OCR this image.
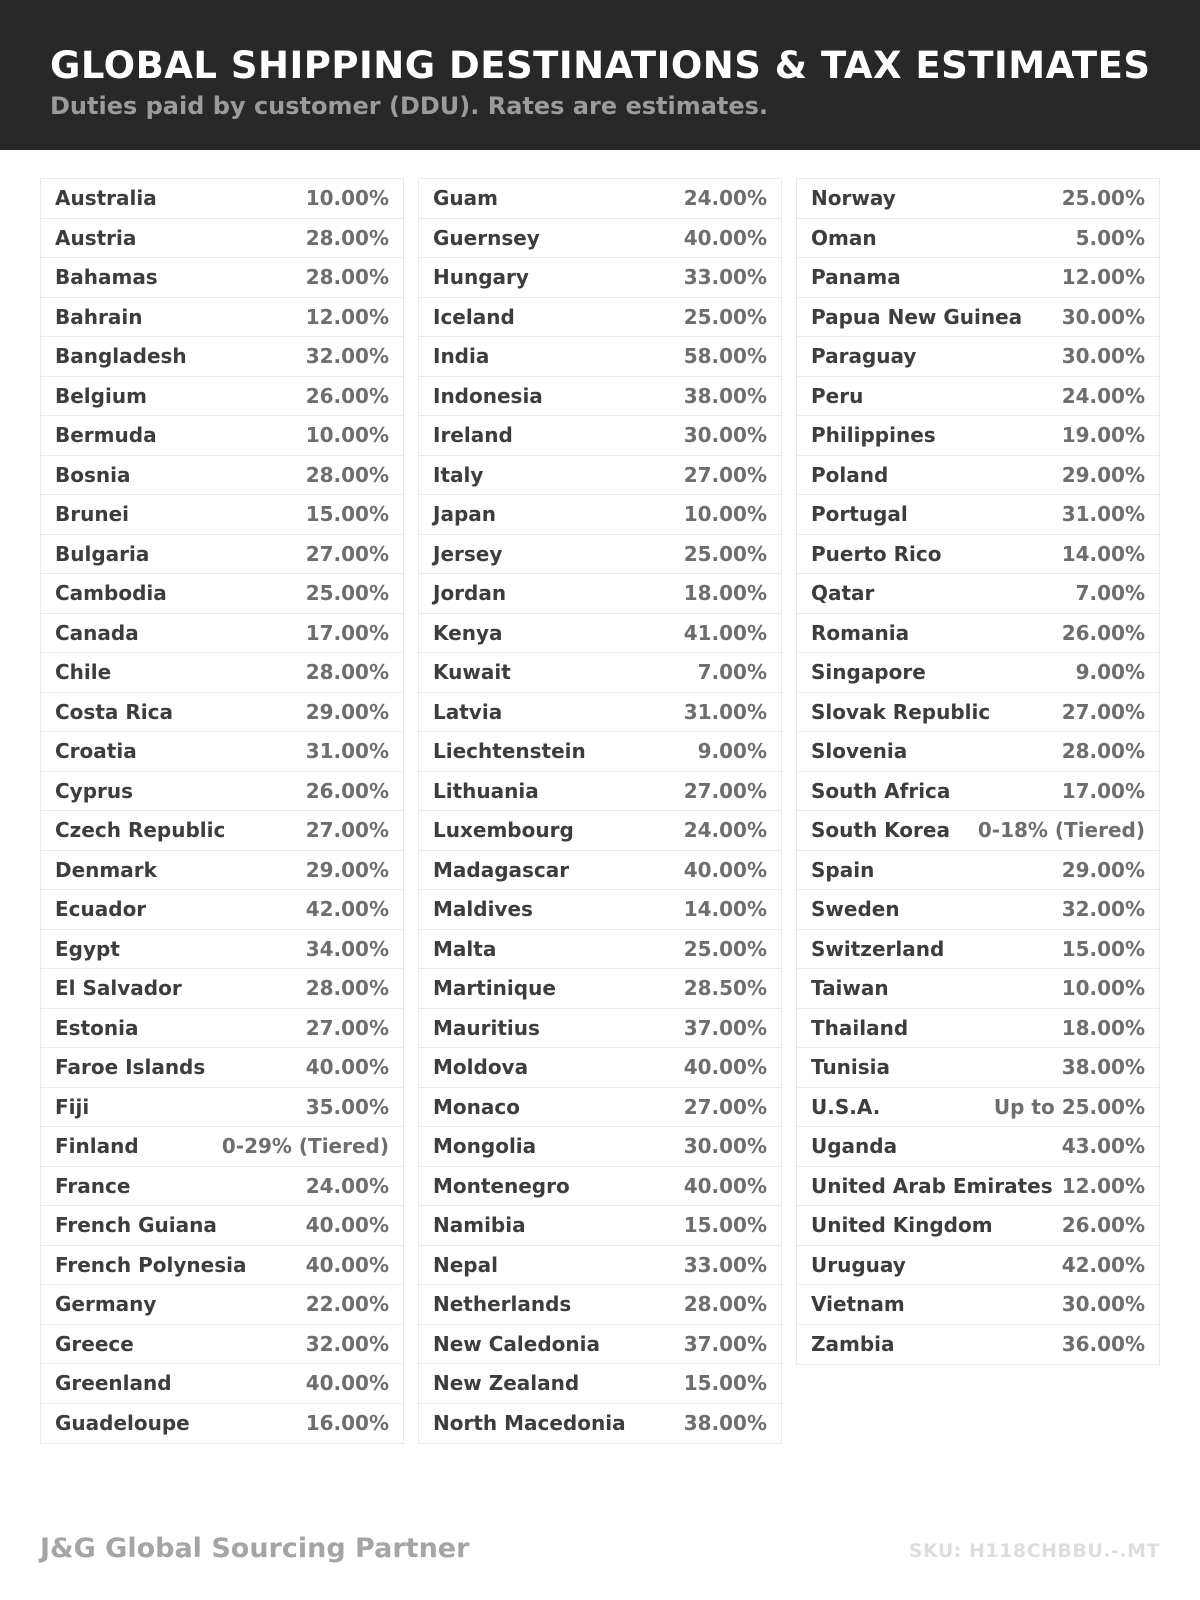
GLOBAL SHIPPING DESTINATIONS & TAX ESTIMATES

Duties paid by customer (DDU). Rates are estimates.

Australia	10.00%
Austria	28.00%
Bahamas	28.00%
Bahrain	12.00%
Bangladesh	32.00%
Belgium	26.00%
Bermuda	10.00%
Bosnia	28.00%
Brunei	15.00%
Bulgaria	27.00%
Cambodia	25.00%
Canada	17.00%
Chile	28.00%
Costa Rica	29.00%
Croatia	31.00%
Cyprus	26.00%
Czech Republic	27.00%
Denmark	29.00%
Ecuador	42.00%
Egypt	34.00%
El Salvador	28.00%
Estonia	27.00%
Faroe Islands	40.00%
Fiji	35.00%
Finland	0-29% (Tiered)
France	24.00%
French Guiana	40.00%
French Polynesia	40.00%
Germany	22.00%
Greece	32.00%
Greenland	40.00%
Guadeloupe	16.00%
Guam	24.00%
Guernsey	40.00%
Hungary	33.00%
Iceland	25.00%
India	58.00%
Indonesia	38.00%
Ireland	30.00%
Italy	27.00%
Japan	10.00%
Jersey	25.00%
Jordan	18.00%
Kenya	41.00%
Kuwait	7.00%
Latvia	31.00%
Liechtenstein	9.00%
Lithuania	27.00%
Luxembourg	24.00%
Madagascar	40.00%
Maldives	14.00%
Malta	25.00%
Martinique	28.50%
Mauritius	37.00%
Moldova	40.00%
Monaco	27.00%
Mongolia	30.00%
Montenegro	40.00%
Namibia	15.00%
Nepal	33.00%
Netherlands	28.00%
New Caledonia	37.00%
New Zealand	15.00%
North Macedonia	38.00%
Norway	25.00%
Oman	5.00%
Panama	12.00%
Papua New Guinea 30.00%
Paraguay	30.00%
Peru	24.00%
Philippines	19.00%
Poland	29.00%
Portugal	31.00%
Puerto Rico	14.00%
Qatar	7.00%
Romania	26.00%
Singapore	9.00%
Slovak Republic	27.00%
Slovenia	28.00%
South Africa	17.00%
South Korea 0-18% (Tiered)
Spain	29.00%
Sweden	32.00%
Switzerland	15.00%
Taiwan	10.00%
Thailand	18.00%
Tunisia	38.00%
U.S.A.	Up to 25.00%
Uganda	43.00%
United Arab Emirates 12.00%
United Kingdom	26.00%
Uruguay	42.00%
Vietnam	30.00%
Zambia	36.00%
J&G Global Sourcing Partner	SKU: H118CHBBU.-.MT
